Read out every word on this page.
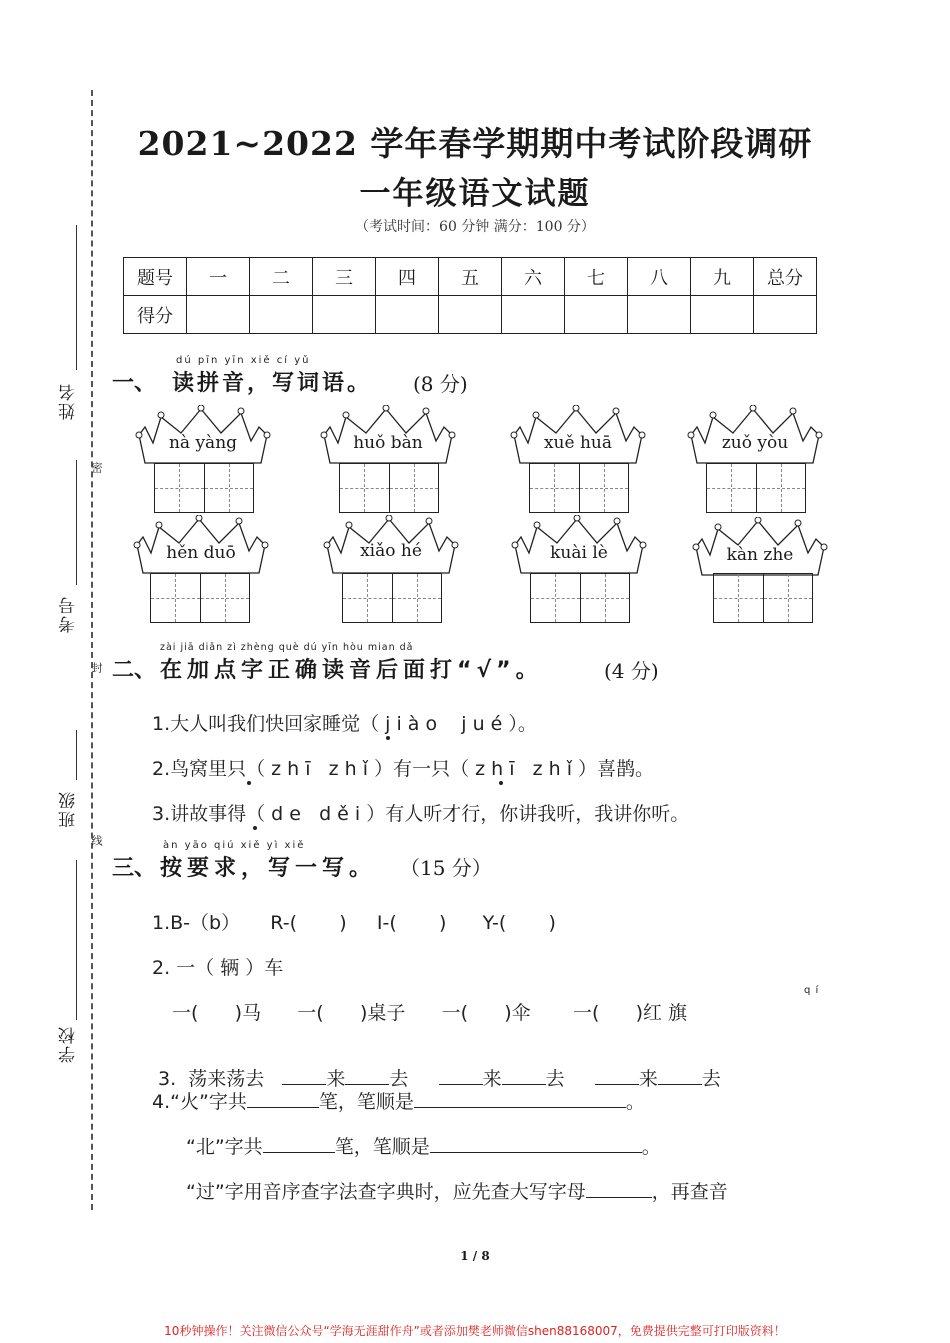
姓名
密
考号
封
班级
线
学校
2021~2022 学年春学期期中考试阶段调研
一年级语文试题
（考试时间：60 分钟 满分：100 分）
题号	一	二	三	四	五	六	七	八	九	总分
得分										
dú pīn yīn xiě cí yǔ
一、 读拼音，写词语。 (8 分)
nà yàng	huǒ bàn	xuě huā	zuǒ yòu
hěn duō	xiǎo hé	kuài lè	kàn zhe
zài jiā diǎn zì zhèng què dú yīn hòu mian dǎ
二、 在加点字正确读音后面打“√”。	(4 分)
1.大人叫我们快回家睡觉（ j i à o    j u é ）。
2.鸟窝里只（ z h ī   z h ǐ ）有一只（ z h ī   z h ǐ ）喜鹊。
3.讲故事得（ d e   d ě i ）有人听才行，你讲我听，我讲你听。
àn yāo qiú xiě yì xiě
三、 按要求，写一写。 （15 分）
1.B-（b）     R-(       )     I-(       )      Y-(       )
2. 一（ 辆 ）车
q í
一(      )马      一(      )桌子      一(      )伞       一(      )红 旗

3.  荡来荡去	来 去	来 去	来 去
4.“火”字共	笔，笔顺是	。
“北”字共	笔，笔顺是	。
“过”字用音序查字法查字典时，应先查大写字母	，再查音
1 / 8
10秒钟操作！关注微信公众号“学海无涯甜作舟”或者添加樊老师微信shen88168007，免费提供完整可打印版资料！
